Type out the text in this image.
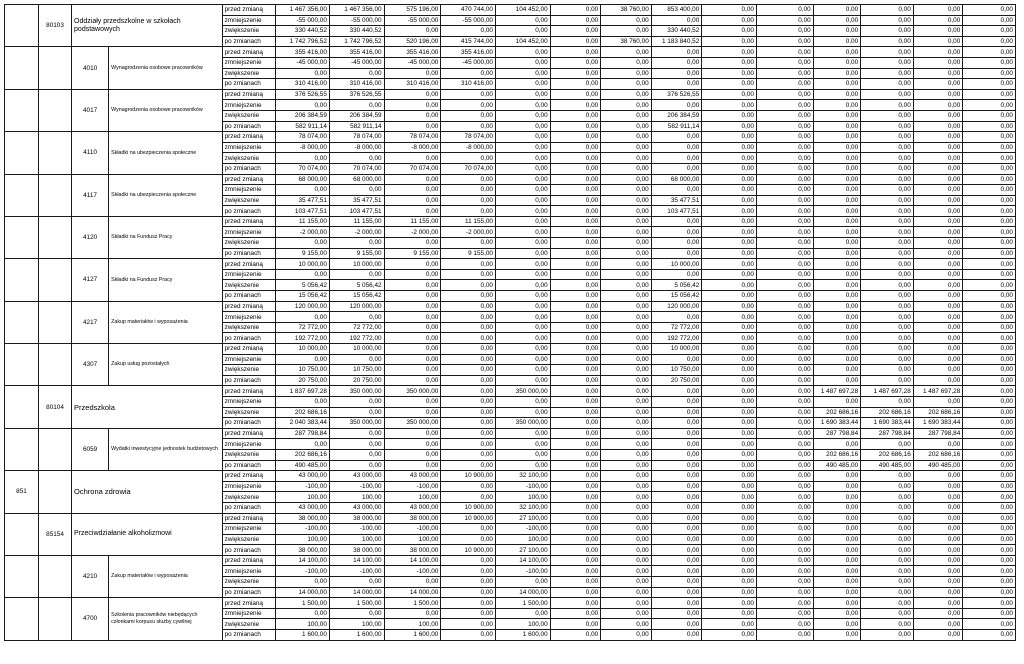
	80103	Oddziały przedszkolne w szkołach podstawowych		przed zmianą	1 467 356,00	1 467 356,00	575 196,00	470 744,00	104 452,00	0,00	38 760,00	853 400,00	0,00	0,00	0,00	0,00	0,00	0,00
				zmniejszenie	-55 000,00	-55 000,00	-55 000,00	-55 000,00	0,00	0,00	0,00	0,00	0,00	0,00	0,00	0,00	0,00	0,00
				zwiększenie	330 440,52	330 440,52	0,00	0,00	0,00	0,00	0,00	330 440,52	0,00	0,00	0,00	0,00	0,00	0,00
				po zmianach	1 742 796,52	1 742 796,52	520 196,00	415 744,00	104 452,00	0,00	38 760,00	1 183 840,52	0,00	0,00	0,00	0,00	0,00	0,00
		4010	Wynagrodzenia osobowe pracowników	przed zmianą	355 416,00	355 416,00	355 416,00	355 416,00	0,00	0,00	0,00	0,00	0,00	0,00	0,00	0,00	0,00	0,00
				zmniejszenie	-45 000,00	-45 000,00	-45 000,00	-45 000,00	0,00	0,00	0,00	0,00	0,00	0,00	0,00	0,00	0,00	0,00
				zwiększenie	0,00	0,00	0,00	0,00	0,00	0,00	0,00	0,00	0,00	0,00	0,00	0,00	0,00	0,00
				po zmianach	310 416,00	310 416,00	310 416,00	310 416,00	0,00	0,00	0,00	0,00	0,00	0,00	0,00	0,00	0,00	0,00
		4017	Wynagrodzenia osobowe pracowników	przed zmianą	376 526,55	376 526,55	0,00	0,00	0,00	0,00	0,00	376 526,55	0,00	0,00	0,00	0,00	0,00	0,00
				zmniejszenie	0,00	0,00	0,00	0,00	0,00	0,00	0,00	0,00	0,00	0,00	0,00	0,00	0,00	0,00
				zwiększenie	206 384,59	206 384,59	0,00	0,00	0,00	0,00	0,00	206 384,59	0,00	0,00	0,00	0,00	0,00	0,00
				po zmianach	582 911,14	582 911,14	0,00	0,00	0,00	0,00	0,00	582 911,14	0,00	0,00	0,00	0,00	0,00	0,00
		4110	Składki na ubezpieczenia społeczne	przed zmianą	78 074,00	78 074,00	78 074,00	78 074,00	0,00	0,00	0,00	0,00	0,00	0,00	0,00	0,00	0,00	0,00
				zmniejszenie	-8 000,00	-8 000,00	-8 000,00	-8 000,00	0,00	0,00	0,00	0,00	0,00	0,00	0,00	0,00	0,00	0,00
				zwiększenie	0,00	0,00	0,00	0,00	0,00	0,00	0,00	0,00	0,00	0,00	0,00	0,00	0,00	0,00
				po zmianach	70 074,00	70 074,00	70 074,00	70 074,00	0,00	0,00	0,00	0,00	0,00	0,00	0,00	0,00	0,00	0,00
		4117	Składki na ubezpieczenia społeczne	przed zmianą	68 000,00	68 000,00	0,00	0,00	0,00	0,00	0,00	68 000,00	0,00	0,00	0,00	0,00	0,00	0,00
				zmniejszenie	0,00	0,00	0,00	0,00	0,00	0,00	0,00	0,00	0,00	0,00	0,00	0,00	0,00	0,00
				zwiększenie	35 477,51	35 477,51	0,00	0,00	0,00	0,00	0,00	35 477,51	0,00	0,00	0,00	0,00	0,00	0,00
				po zmianach	103 477,51	103 477,51	0,00	0,00	0,00	0,00	0,00	103 477,51	0,00	0,00	0,00	0,00	0,00	0,00
		4120	Składki na Fundusz Pracy	przed zmianą	11 155,00	11 155,00	11 155,00	11 155,00	0,00	0,00	0,00	0,00	0,00	0,00	0,00	0,00	0,00	0,00
				zmniejszenie	-2 000,00	-2 000,00	-2 000,00	-2 000,00	0,00	0,00	0,00	0,00	0,00	0,00	0,00	0,00	0,00	0,00
				zwiększenie	0,00	0,00	0,00	0,00	0,00	0,00	0,00	0,00	0,00	0,00	0,00	0,00	0,00	0,00
				po zmianach	9 155,00	9 155,00	9 155,00	9 155,00	0,00	0,00	0,00	0,00	0,00	0,00	0,00	0,00	0,00	0,00
		4127	Składki na Fundusz Pracy	przed zmianą	10 000,00	10 000,00	0,00	0,00	0,00	0,00	0,00	10 000,00	0,00	0,00	0,00	0,00	0,00	0,00
				zmniejszenie	0,00	0,00	0,00	0,00	0,00	0,00	0,00	0,00	0,00	0,00	0,00	0,00	0,00	0,00
				zwiększenie	5 056,42	5 056,42	0,00	0,00	0,00	0,00	0,00	5 056,42	0,00	0,00	0,00	0,00	0,00	0,00
				po zmianach	15 056,42	15 056,42	0,00	0,00	0,00	0,00	0,00	15 056,42	0,00	0,00	0,00	0,00	0,00	0,00
		4217	Zakup materiałów i wyposażenia	przed zmianą	120 000,00	120 000,00	0,00	0,00	0,00	0,00	0,00	120 000,00	0,00	0,00	0,00	0,00	0,00	0,00
				zmniejszenie	0,00	0,00	0,00	0,00	0,00	0,00	0,00	0,00	0,00	0,00	0,00	0,00	0,00	0,00
				zwiększenie	72 772,00	72 772,00	0,00	0,00	0,00	0,00	0,00	72 772,00	0,00	0,00	0,00	0,00	0,00	0,00
				po zmianach	192 772,00	192 772,00	0,00	0,00	0,00	0,00	0,00	192 772,00	0,00	0,00	0,00	0,00	0,00	0,00
		4307	Zakup usług pozostałych	przed zmianą	10 000,00	10 000,00	0,00	0,00	0,00	0,00	0,00	10 000,00	0,00	0,00	0,00	0,00	0,00	0,00
				zmniejszenie	0,00	0,00	0,00	0,00	0,00	0,00	0,00	0,00	0,00	0,00	0,00	0,00	0,00	0,00
				zwiększenie	10 750,00	10 750,00	0,00	0,00	0,00	0,00	0,00	10 750,00	0,00	0,00	0,00	0,00	0,00	0,00
				po zmianach	20 750,00	20 750,00	0,00	0,00	0,00	0,00	0,00	20 750,00	0,00	0,00	0,00	0,00	0,00	0,00
	80104	Przedszkola		przed zmianą	1 837 697,28	350 000,00	350 000,00	0,00	350 000,00	0,00	0,00	0,00	0,00	0,00	1 487 697,28	1 487 697,28	1 487 697,28	0,00
				zmniejszenie	0,00	0,00	0,00	0,00	0,00	0,00	0,00	0,00	0,00	0,00	0,00	0,00	0,00	0,00
				zwiększenie	202 686,16	0,00	0,00	0,00	0,00	0,00	0,00	0,00	0,00	0,00	202 686,16	202 686,16	202 686,16	0,00
				po zmianach	2 040 383,44	350 000,00	350 000,00	0,00	350 000,00	0,00	0,00	0,00	0,00	0,00	1 690 383,44	1 690 383,44	1 690 383,44	0,00
		6059	Wydatki inwestycyjne jednostek budżetowych	przed zmianą	287 798,84	0,00	0,00	0,00	0,00	0,00	0,00	0,00	0,00	0,00	287 798,84	287 798,84	287 798,84	0,00
				zmniejszenie	0,00	0,00	0,00	0,00	0,00	0,00	0,00	0,00	0,00	0,00	0,00	0,00	0,00	0,00
				zwiększenie	202 686,16	0,00	0,00	0,00	0,00	0,00	0,00	0,00	0,00	0,00	202 686,16	202 686,16	202 686,16	0,00
				po zmianach	490 485,00	0,00	0,00	0,00	0,00	0,00	0,00	0,00	0,00	0,00	490 485,00	490 485,00	490 485,00	0,00
851		Ochrona zdrowia		przed zmianą	43 000,00	43 000,00	43 000,00	10 900,00	32 100,00	0,00	0,00	0,00	0,00	0,00	0,00	0,00	0,00	0,00
				zmniejszenie	-100,00	-100,00	-100,00	0,00	-100,00	0,00	0,00	0,00	0,00	0,00	0,00	0,00	0,00	0,00
				zwiększenie	100,00	100,00	100,00	0,00	100,00	0,00	0,00	0,00	0,00	0,00	0,00	0,00	0,00	0,00
				po zmianach	43 000,00	43 000,00	43 000,00	10 900,00	32 100,00	0,00	0,00	0,00	0,00	0,00	0,00	0,00	0,00	0,00
	85154	Przeciwdziałanie alkoholizmowi		przed zmianą	38 000,00	38 000,00	38 000,00	10 900,00	27 100,00	0,00	0,00	0,00	0,00	0,00	0,00	0,00	0,00	0,00
				zmniejszenie	-100,00	-100,00	-100,00	0,00	-100,00	0,00	0,00	0,00	0,00	0,00	0,00	0,00	0,00	0,00
				zwiększenie	100,00	100,00	100,00	0,00	100,00	0,00	0,00	0,00	0,00	0,00	0,00	0,00	0,00	0,00
				po zmianach	38 000,00	38 000,00	38 000,00	10 900,00	27 100,00	0,00	0,00	0,00	0,00	0,00	0,00	0,00	0,00	0,00
		4210	Zakup materiałów i wyposażenia	przed zmianą	14 100,00	14 100,00	14 100,00	0,00	14 100,00	0,00	0,00	0,00	0,00	0,00	0,00	0,00	0,00	0,00
				zmniejszenie	-100,00	-100,00	-100,00	0,00	-100,00	0,00	0,00	0,00	0,00	0,00	0,00	0,00	0,00	0,00
				zwiększenie	0,00	0,00	0,00	0,00	0,00	0,00	0,00	0,00	0,00	0,00	0,00	0,00	0,00	0,00
				po zmianach	14 000,00	14 000,00	14 000,00	0,00	14 000,00	0,00	0,00	0,00	0,00	0,00	0,00	0,00	0,00	0,00
		4700	Szkolenia pracowników niebędących członkami korpusu służby cywilnej	przed zmianą	1 500,00	1 500,00	1 500,00	0,00	1 500,00	0,00	0,00	0,00	0,00	0,00	0,00	0,00	0,00	0,00
				zmniejszenie	0,00	0,00	0,00	0,00	0,00	0,00	0,00	0,00	0,00	0,00	0,00	0,00	0,00	0,00
				zwiększenie	100,00	100,00	100,00	0,00	100,00	0,00	0,00	0,00	0,00	0,00	0,00	0,00	0,00	0,00
				po zmianach	1 600,00	1 600,00	1 600,00	0,00	1 600,00	0,00	0,00	0,00	0,00	0,00	0,00	0,00	0,00	0,00
